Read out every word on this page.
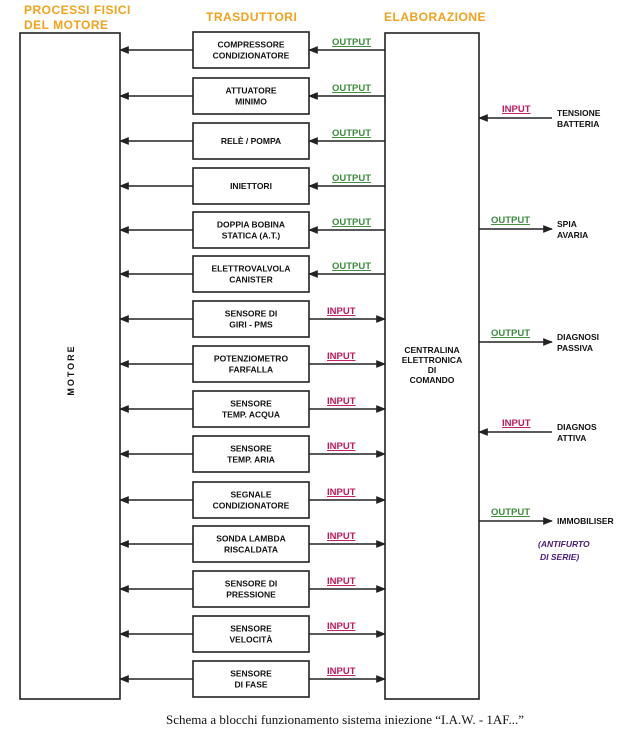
PROCESSI FISICI
DEL MOTORE
TRASDUTTORI	ELABORAZIONE
MOTORE	CENTRALINA
ELETTRONICA
DI
COMANDO
COMPRESSORE
CONDIZIONATORE
OUTPUT
ATTUATORE
MINIMO
OUTPUT
RELÈ / POMPA
OUTPUT
INIETTORI
OUTPUT
DOPPIA BOBINA
STATICA (A.T.)
OUTPUT
ELETTROVALVOLA
CANISTER
OUTPUT
SENSORE DI
GIRI - PMS
INPUT
POTENZIOMETRO
FARFALLA
INPUT
SENSORE
TEMP. ACQUA
INPUT
SENSORE
TEMP. ARIA
INPUT
SEGNALE
CONDIZIONATORE
INPUT
SONDA LAMBDA
RISCALDATA
INPUT
SENSORE DI
PRESSIONE
INPUT
SENSORE
VELOCITÀ
INPUT
SENSORE
DI FASE
INPUT
INPUT	TENSIONE
BATTERIA
OUTPUT	SPIA
AVARIA
OUTPUT	DIAGNOSI
PASSIVA
INPUT	DIAGNOS
ATTIVA
OUTPUT
IMMOBILISER
(ANTIFURTO
DI SERIE)
Schema a blocchi funzionamento sistema iniezione “I.A.W. - 1AF...”
